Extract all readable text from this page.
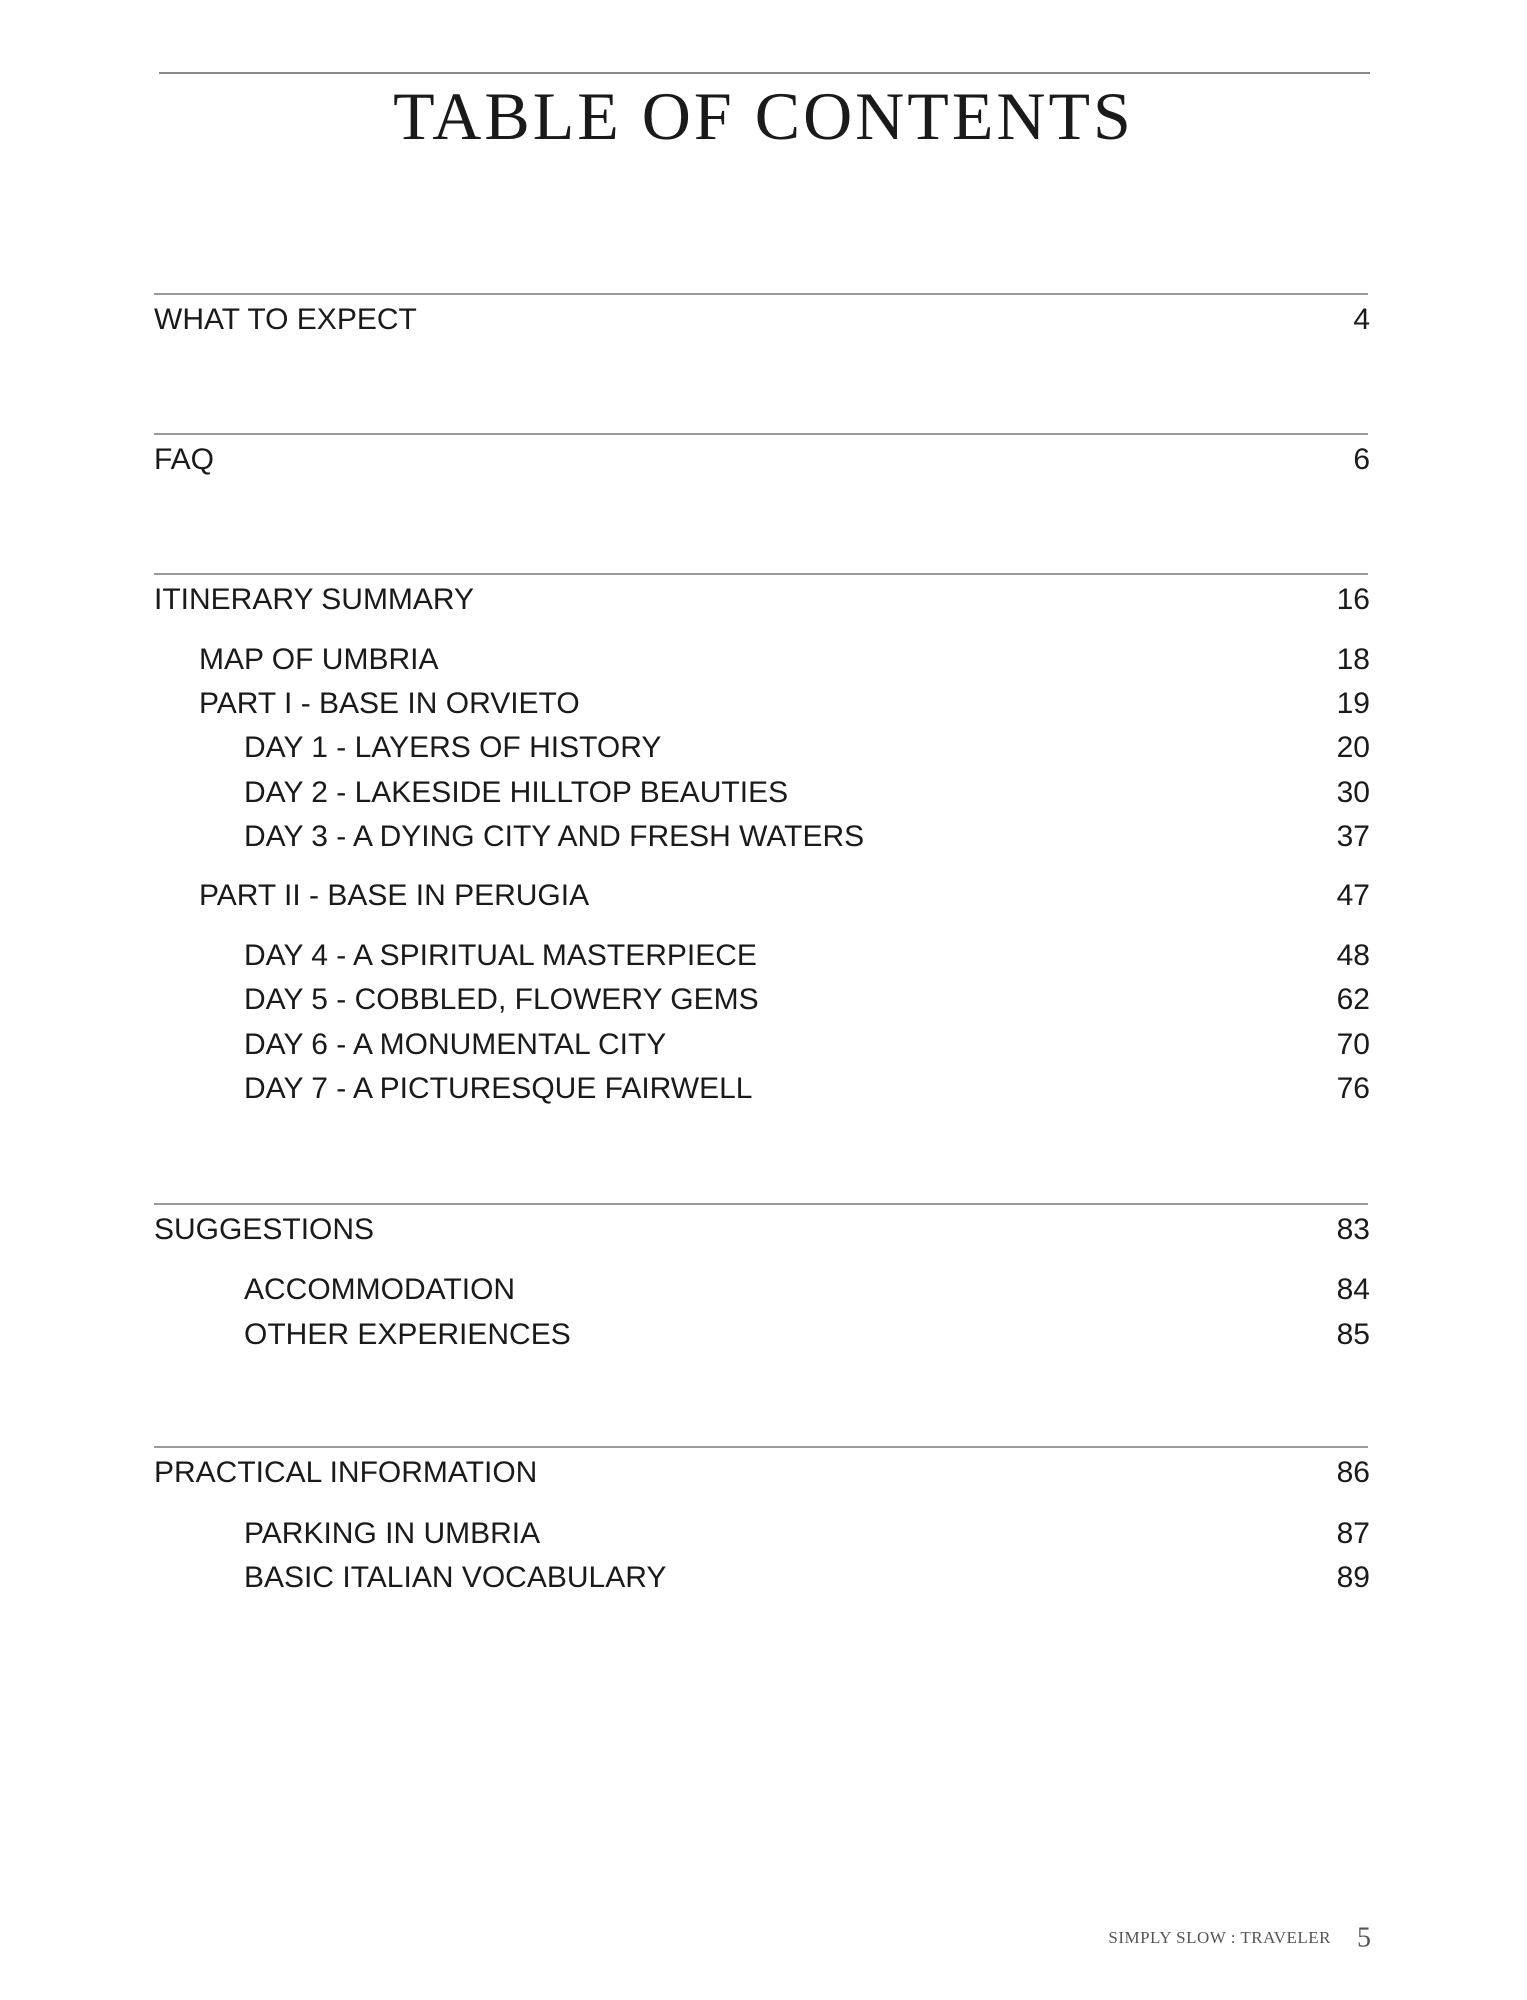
TABLE OF CONTENTS
WHAT TO EXPECT	4
FAQ	6
ITINERARY SUMMARY	16
MAP OF UMBRIA	18
PART I - BASE IN ORVIETO	19
DAY 1 - LAYERS OF HISTORY	20
DAY 2 - LAKESIDE HILLTOP BEAUTIES	30
DAY 3 - A DYING CITY AND FRESH WATERS	37
PART II - BASE IN PERUGIA	47
DAY 4 - A SPIRITUAL MASTERPIECE	48
DAY 5 - COBBLED, FLOWERY GEMS	62
DAY 6 - A MONUMENTAL CITY	70
DAY 7 - A PICTURESQUE FAIRWELL	76
SUGGESTIONS	83
ACCOMMODATION	84
OTHER EXPERIENCES	85
PRACTICAL INFORMATION	86
PARKING IN UMBRIA	87
BASIC ITALIAN VOCABULARY	89
SIMPLY SLOW : TRAVELER 5
